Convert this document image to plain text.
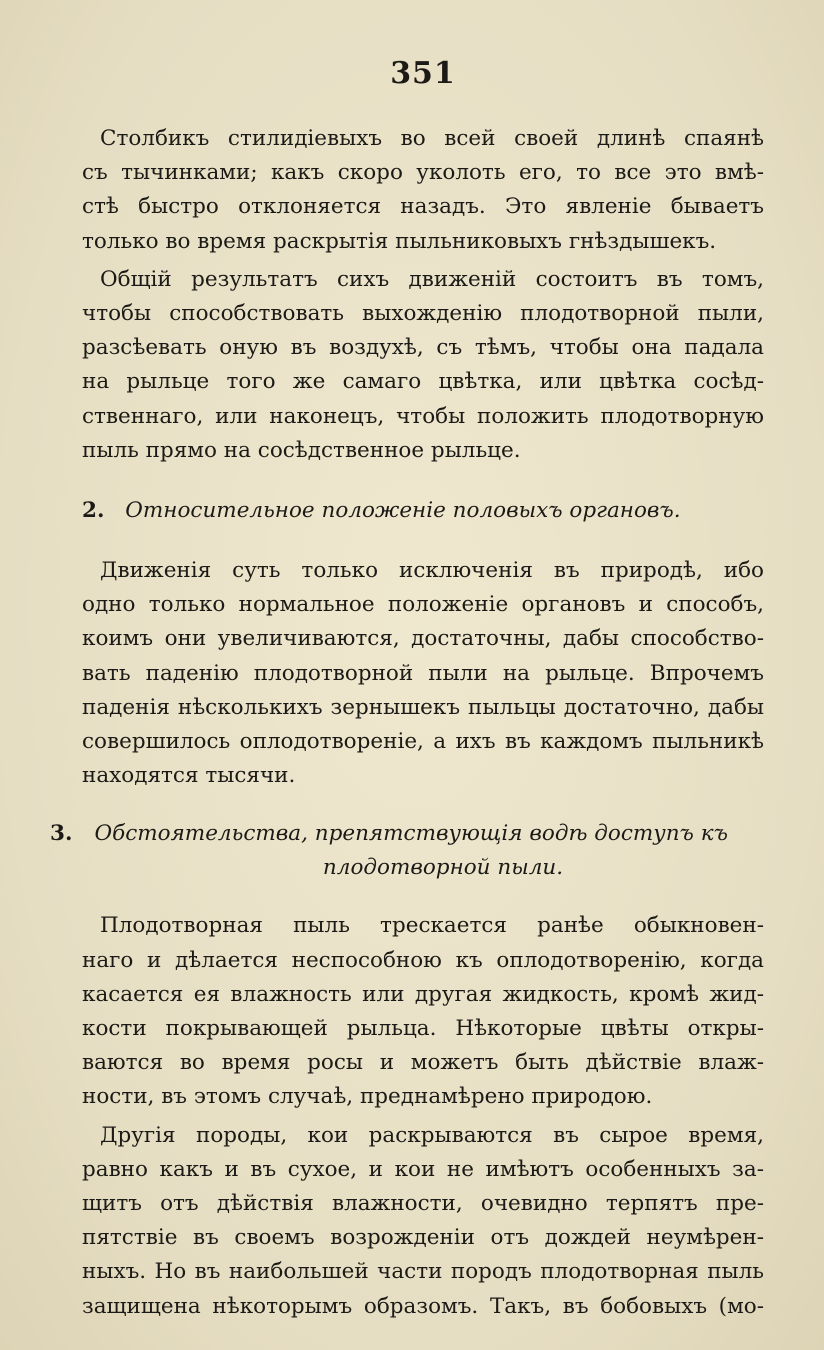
351
Столбикъ стилидіевыхъ во всей своей длинѣ спаянѣ
съ тычинками; какъ скоро уколоть его, то все это вмѣ-
стѣ быстро отклоняется назадъ. Это явленіе бываетъ
только во время раскрытія пыльниковыхъ гнѣздышекъ.
Общій результатъ сихъ движеній состоитъ въ томъ,
чтобы способствовать выхожденію плодотворной пыли,
разсѣевать оную въ воздухѣ, съ тѣмъ, чтобы она падала
на рыльце того же самаго цвѣтка, или цвѣтка сосѣд-
ственнаго, или наконецъ, чтобы положить плодотворную
пыль прямо на сосѣдственное рыльце.
2. Относительное положеніе половыхъ органовъ.
Движенія суть только исключенія въ природѣ, ибо
одно только нормальное положеніе органовъ и способъ,
коимъ они увеличиваются, достаточны, дабы способство-
вать паденію плодотворной пыли на рыльце. Впрочемъ
паденія нѣсколькихъ зернышекъ пыльцы достаточно, дабы
совершилось оплодотвореніе, а ихъ въ каждомъ пыльникѣ
находятся тысячи.
3. Обстоятельства, препятствующія водѣ доступъ къ
плодотворной пыли.
Плодотворная пыль трескается ранѣе обыкновен-
наго и дѣлается неспособною къ оплодотворенію, когда
касается ея влажность или другая жидкость, кромѣ жид-
кости покрывающей рыльца. Нѣкоторые цвѣты откры-
ваются во время росы и можетъ быть дѣйствіе влаж-
ности, въ этомъ случаѣ, преднамѣрено природою.
Другія породы, кои раскрываются въ сырое время,
равно какъ и въ сухое, и кои не имѣютъ особенныхъ за-
щитъ отъ дѣйствія влажности, очевидно терпятъ пре-
пятствіе въ своемъ возрожденіи отъ дождей неумѣрен-
ныхъ. Но въ наибольшей части породъ плодотворная пыль
защищена нѣкоторымъ образомъ. Такъ, въ бобовыхъ (мо-
